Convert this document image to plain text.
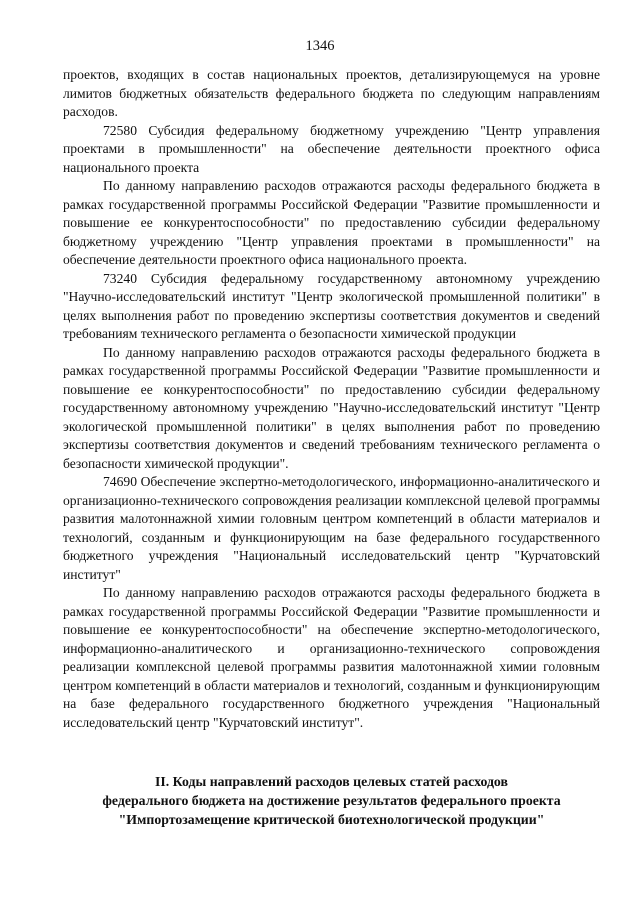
1346

проектов, входящих в состав национальных проектов, детализирующемуся на уровне лимитов бюджетных обязательств федерального бюджета по следующим направлениям расходов.

72580 Субсидия федеральному бюджетному учреждению "Центр управления проектами в промышленности" на обеспечение деятельности проектного офиса национального проекта

По данному направлению расходов отражаются расходы федерального бюджета в рамках государственной программы Российской Федерации "Развитие промышленности и повышение ее конкурентоспособности" по предоставлению субсидии федеральному бюджетному учреждению "Центр управления проектами в промышленности" на обеспечение деятельности проектного офиса национального проекта.

73240 Субсидия федеральному государственному автономному учреждению "Научно-исследовательский институт "Центр экологической промышленной политики" в целях выполнения работ по проведению экспертизы соответствия документов и сведений требованиям технического регламента о безопасности химической продукции

По данному направлению расходов отражаются расходы федерального бюджета в рамках государственной программы Российской Федерации "Развитие промышленности и повышение ее конкурентоспособности" по предоставлению субсидии федеральному государственному автономному учреждению "Научно-исследовательский институт "Центр экологической промышленной политики" в целях выполнения работ по проведению экспертизы соответствия документов и сведений требованиям технического регламента о безопасности химической продукции".

74690 Обеспечение экспертно-методологического, информационно-аналитического и организационно-технического сопровождения реализации комплексной целевой программы развития малотоннажной химии головным центром компетенций в области материалов и технологий, созданным и функционирующим на базе федерального государственного бюджетного учреждения "Национальный исследовательский центр "Курчатовский институт"

По данному направлению расходов отражаются расходы федерального бюджета в рамках государственной программы Российской Федерации "Развитие промышленности и повышение ее конкурентоспособности" на обеспечение экспертно-методологического, информационно-аналитического и организационно-технического сопровождения реализации комплексной целевой программы развития малотоннажной химии головным центром компетенций в области материалов и технологий, созданным и функционирующим на базе федерального государственного бюджетного учреждения "Национальный исследовательский центр "Курчатовский институт".

II. Коды направлений расходов целевых статей расходов
федерального бюджета на достижение результатов федерального проекта
"Импортозамещение критической биотехнологической продукции"
